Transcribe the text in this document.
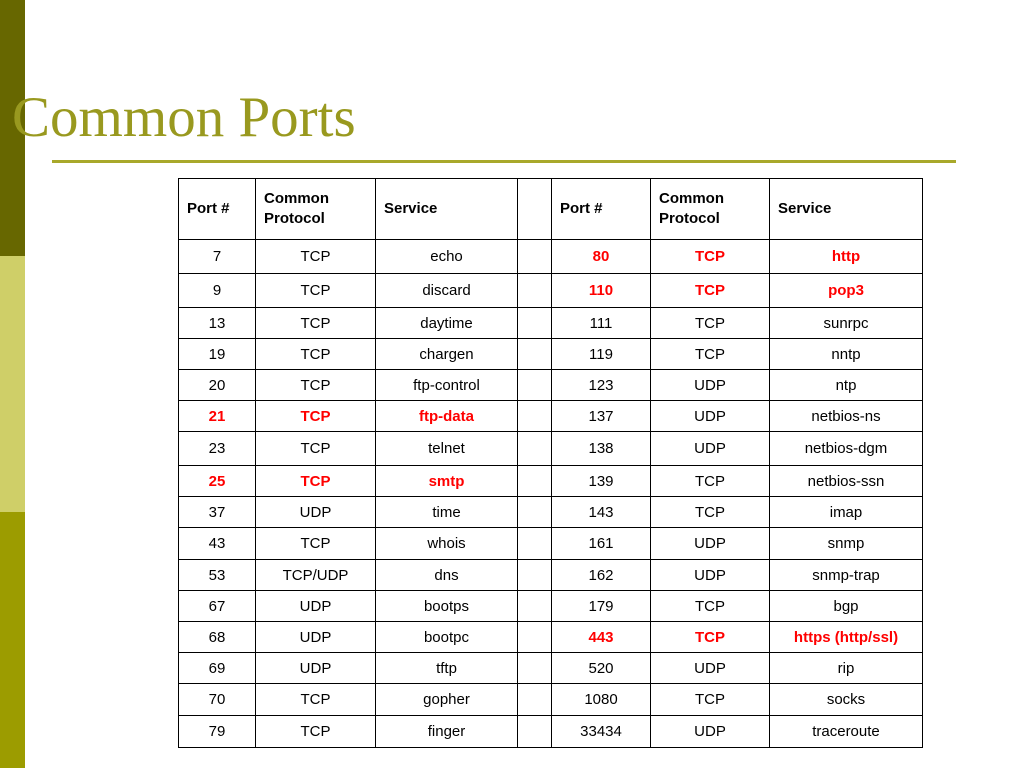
Common Ports
Port #	Common Protocol	Service		Port #	Common Protocol	Service
7	TCP	echo		80	TCP	http
9	TCP	discard		110	TCP	pop3
13	TCP	daytime		111	TCP	sunrpc
19	TCP	chargen		119	TCP	nntp
20	TCP	ftp-control		123	UDP	ntp
21	TCP	ftp-data		137	UDP	netbios-ns
23	TCP	telnet		138	UDP	netbios-dgm
25	TCP	smtp		139	TCP	netbios-ssn
37	UDP	time		143	TCP	imap
43	TCP	whois		161	UDP	snmp
53	TCP/UDP	dns		162	UDP	snmp-trap
67	UDP	bootps		179	TCP	bgp
68	UDP	bootpc		443	TCP	https (http/ssl)
69	UDP	tftp		520	UDP	rip
70	TCP	gopher		1080	TCP	socks
79	TCP	finger		33434	UDP	traceroute
